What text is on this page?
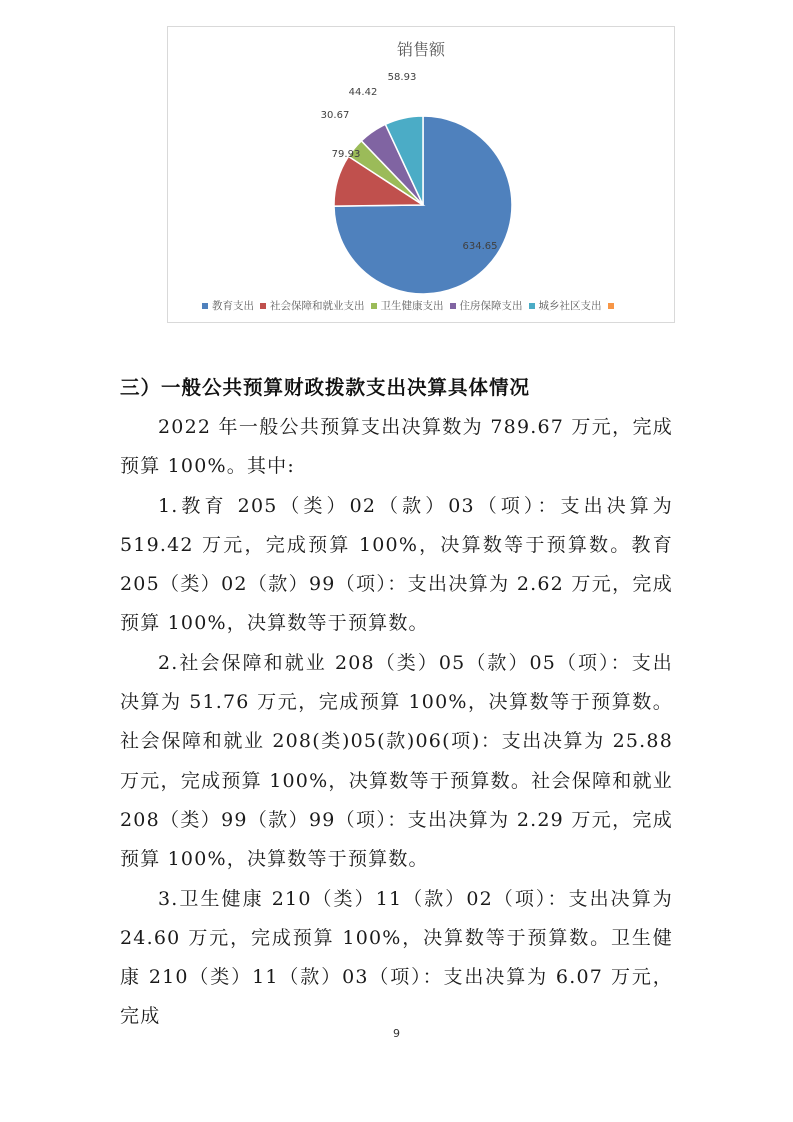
销售额
634.65
79.93
30.67
44.42
58.93
教育支出 社会保障和就业支出 卫生健康支出 住房保障支出 城乡社区支出
三）一般公共预算财政拨款支出决算具体情况

2022 年一般公共预算支出决算数为 789.67 万元，完成预算 100%。其中:

1.教育 205（类）02（款）03（项）：支出决算为 519.42 万元，完成预算 100%，决算数等于预算数。教育 205（类）02（款）99（项）：支出决算为 2.62 万元，完成预算 100%，决算数等于预算数。

2.社会保障和就业 208（类）05（款）05（项）：支出决算为 51.76 万元，完成预算 100%，决算数等于预算数。社会保障和就业 208(类)05(款)06(项)：支出决算为 25.88 万元，完成预算 100%，决算数等于预算数。社会保障和就业 208（类）99（款）99（项）：支出决算为 2.29 万元，完成预算 100%，决算数等于预算数。

3.卫生健康 210（类）11（款）02（项）：支出决算为 24.60 万元，完成预算 100%，决算数等于预算数。卫生健康 210（类）11（款）03（项）：支出决算为 6.07 万元，完成

9
